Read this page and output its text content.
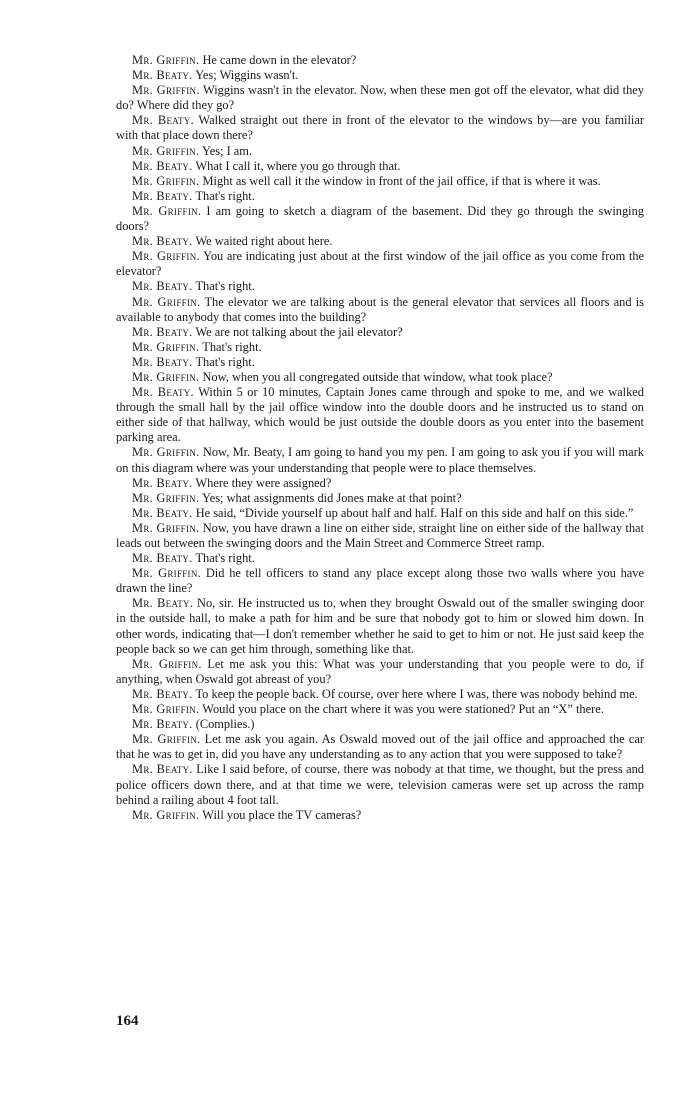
Mr. Griffin. He came down in the elevator?

Mr. Beaty. Yes; Wiggins wasn't.

Mr. Griffin. Wiggins wasn't in the elevator. Now, when these men got off the elevator, what did they do? Where did they go?

Mr. Beaty. Walked straight out there in front of the elevator to the windows by—are you familiar with that place down there?

Mr. Griffin. Yes; I am.

Mr. Beaty. What I call it, where you go through that.

Mr. Griffin. Might as well call it the window in front of the jail office, if that is where it was.

Mr. Beaty. That's right.

Mr. Griffin. I am going to sketch a diagram of the basement. Did they go through the swinging doors?

Mr. Beaty. We waited right about here.

Mr. Griffin. You are indicating just about at the first window of the jail office as you come from the elevator?

Mr. Beaty. That's right.

Mr. Griffin. The elevator we are talking about is the general elevator that services all floors and is available to anybody that comes into the building?

Mr. Beaty. We are not talking about the jail elevator?

Mr. Griffin. That's right.

Mr. Beaty. That's right.

Mr. Griffin. Now, when you all congregated outside that window, what took place?

Mr. Beaty. Within 5 or 10 minutes, Captain Jones came through and spoke to me, and we walked through the small hall by the jail office window into the double doors and he instructed us to stand on either side of that hallway, which would be just outside the double doors as you enter into the basement parking area.

Mr. Griffin. Now, Mr. Beaty, I am going to hand you my pen. I am going to ask you if you will mark on this diagram where was your understanding that people were to place themselves.

Mr. Beaty. Where they were assigned?

Mr. Griffin. Yes; what assignments did Jones make at that point?

Mr. Beaty. He said, “Divide yourself up about half and half. Half on this side and half on this side.”

Mr. Griffin. Now, you have drawn a line on either side, straight line on either side of the hallway that leads out between the swinging doors and the Main Street and Commerce Street ramp.

Mr. Beaty. That's right.

Mr. Griffin. Did he tell officers to stand any place except along those two walls where you have drawn the line?

Mr. Beaty. No, sir. He instructed us to, when they brought Oswald out of the smaller swinging door in the outside hall, to make a path for him and be sure that nobody got to him or slowed him down. In other words, indicating that—I don't remember whether he said to get to him or not. He just said keep the people back so we can get him through, something like that.

Mr. Griffin. Let me ask you this: What was your understanding that you people were to do, if anything, when Oswald got abreast of you?

Mr. Beaty. To keep the people back. Of course, over here where I was, there was nobody behind me.

Mr. Griffin. Would you place on the chart where it was you were stationed? Put an “X” there.

Mr. Beaty. (Complies.)

Mr. Griffin. Let me ask you again. As Oswald moved out of the jail office and approached the car that he was to get in, did you have any understanding as to any action that you were supposed to take?

Mr. Beaty. Like I said before, of course, there was nobody at that time, we thought, but the press and police officers down there, and at that time we were, television cameras were set up across the ramp behind a railing about 4 foot tall.

Mr. Griffin. Will you place the TV cameras?

164
